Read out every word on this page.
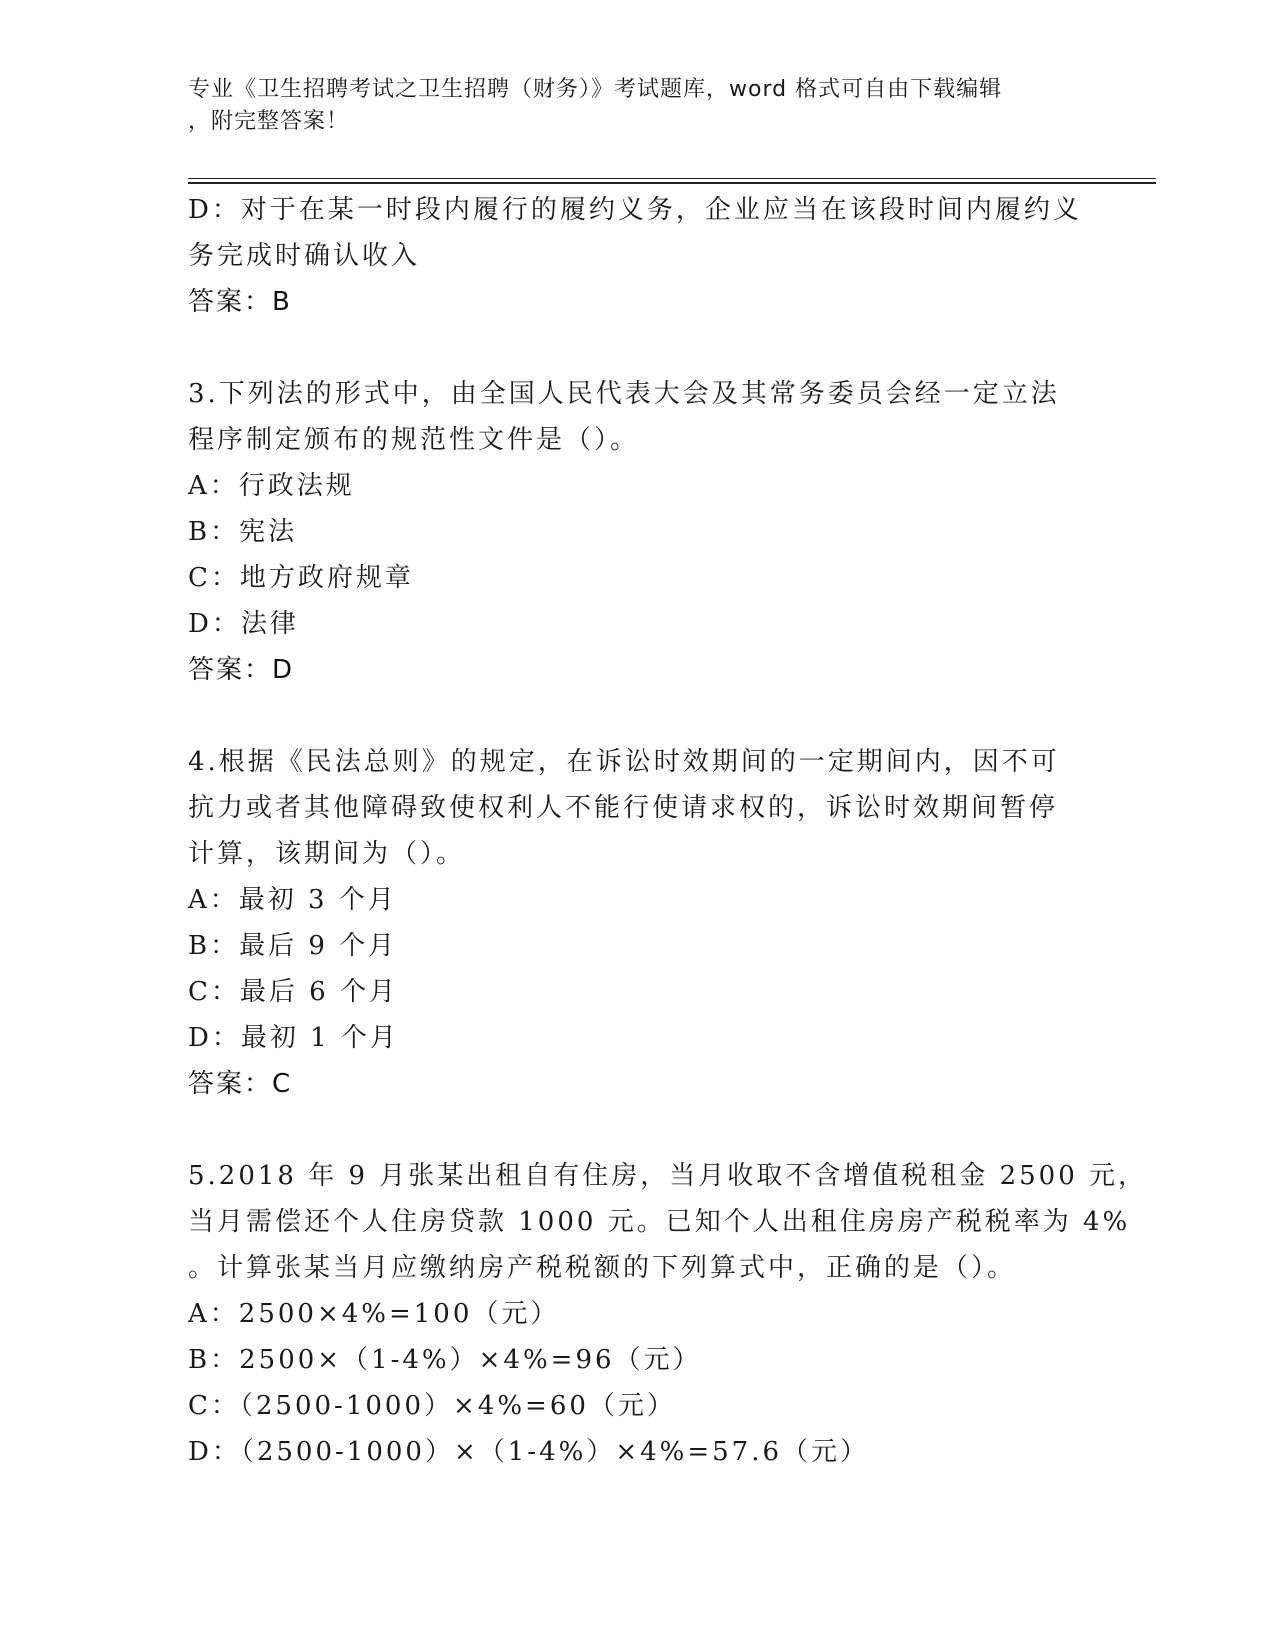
专业《卫生招聘考试之卫生招聘（财务）》考试题库，word 格式可自由下载编辑
，附完整答案！
D：对于在某一时段内履行的履约义务，企业应当在该段时间内履约义
务完成时确认收入
答案：B
3.下列法的形式中，由全国人民代表大会及其常务委员会经一定立法
程序制定颁布的规范性文件是（）。
A：行政法规
B：宪法
C：地方政府规章
D：法律
答案：D
4.根据《民法总则》的规定，在诉讼时效期间的一定期间内，因不可
抗力或者其他障碍致使权利人不能行使请求权的，诉讼时效期间暂停
计算，该期间为（）。
A：最初 3 个月
B：最后 9 个月
C：最后 6 个月
D：最初 1 个月
答案：C
5.2018 年 9 月张某出租自有住房，当月收取不含增值税租金 2500 元，
当月需偿还个人住房贷款 1000 元。已知个人出租住房房产税税率为 4%
。计算张某当月应缴纳房产税税额的下列算式中，正确的是（）。
A：2500×4%=100（元）
B：2500×（1-4%）×4%=96（元）
C：（2500-1000）×4%=60（元）
D：（2500-1000）×（1-4%）×4%=57.6（元）
